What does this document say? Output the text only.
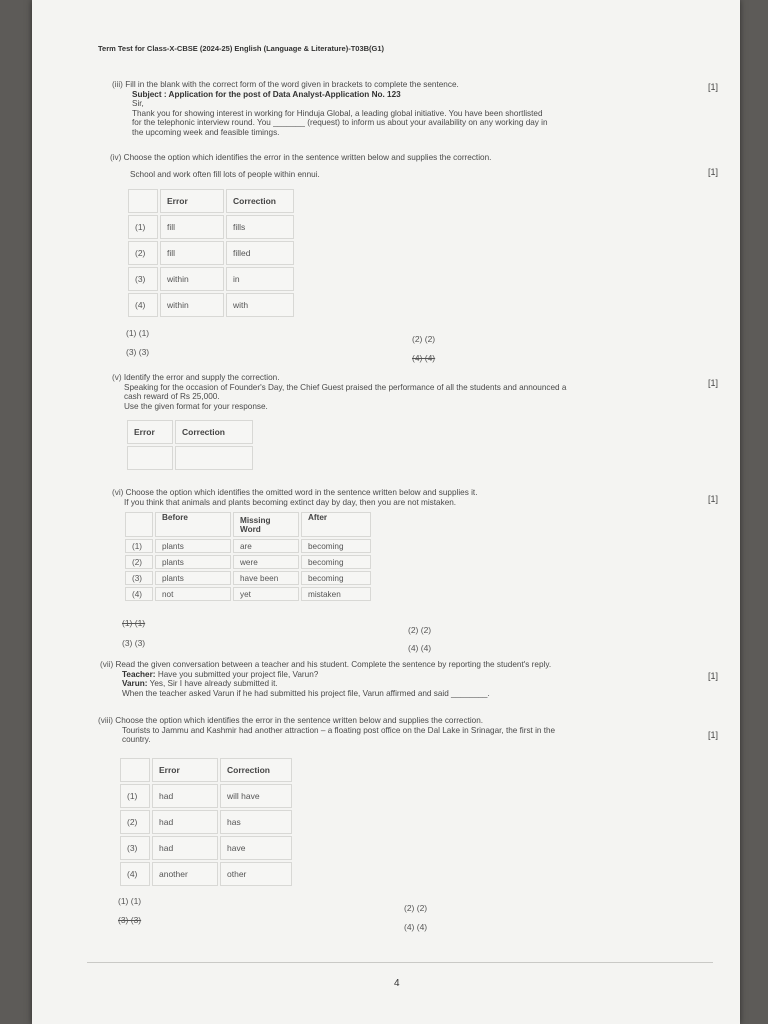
Term Test for Class-X-CBSE (2024-25) English (Language & Literature)-T03B(G1)
(iii) Fill in the blank with the correct form of the word given in brackets to complete the sentence.
Subject : Application for the post of Data Analyst-Application No. 123
Sir,
Thank you for showing interest in working for Hinduja Global, a leading global initiative. You have been shortlisted
for the telephonic interview round. You _______ (request) to inform us about your availability on any working day in
the upcoming week and feasible timings.
[1]
(iv) Choose the option which identifies the error in the sentence written below and supplies the correction.
School and work often fill lots of people within ennui.	[1]
	Error	Correction
(1)	fill	fills
(2)	fill	filled
(3)	within	in
(4)	within	with
(1) (1)
(2) (2)
(3) (3)
(4) (4)
(v) Identify the error and supply the correction.
Speaking for the occasion of Founder's Day, the Chief Guest praised the performance of all the students and announced a
cash reward of Rs 25,000.
Use the given format for your response.
[1]
Error	Correction

(vi) Choose the option which identifies the omitted word in the sentence written below and supplies it.
If you think that animals and plants becoming extinct day by day, then you are not mistaken.	[1]
	Before	Missing Word	After
(1)	plants	are	becoming
(2)	plants	were	becoming
(3)	plants	have been	becoming
(4)	not	yet	mistaken
(1) (1)
(2) (2)
(3) (3)	(4) (4)
(vii) Read the given conversation between a teacher and his student. Complete the sentence by reporting the student's reply.
Teacher: Have you submitted your project file, Varun?
Varun: Yes, Sir I have already submitted it.
When the teacher asked Varun if he had submitted his project file, Varun affirmed and said ________.
[1]
(viii) Choose the option which identifies the error in the sentence written below and supplies the correction.
Tourists to Jammu and Kashmir had another attraction – a floating post office on the Dal Lake in Srinagar, the first in the
country.	[1]
	Error	Correction
(1)	had	will have
(2)	had	has
(3)	had	have
(4)	another	other
(1) (1)
(2) (2)
(3) (3)
(4) (4)
4
